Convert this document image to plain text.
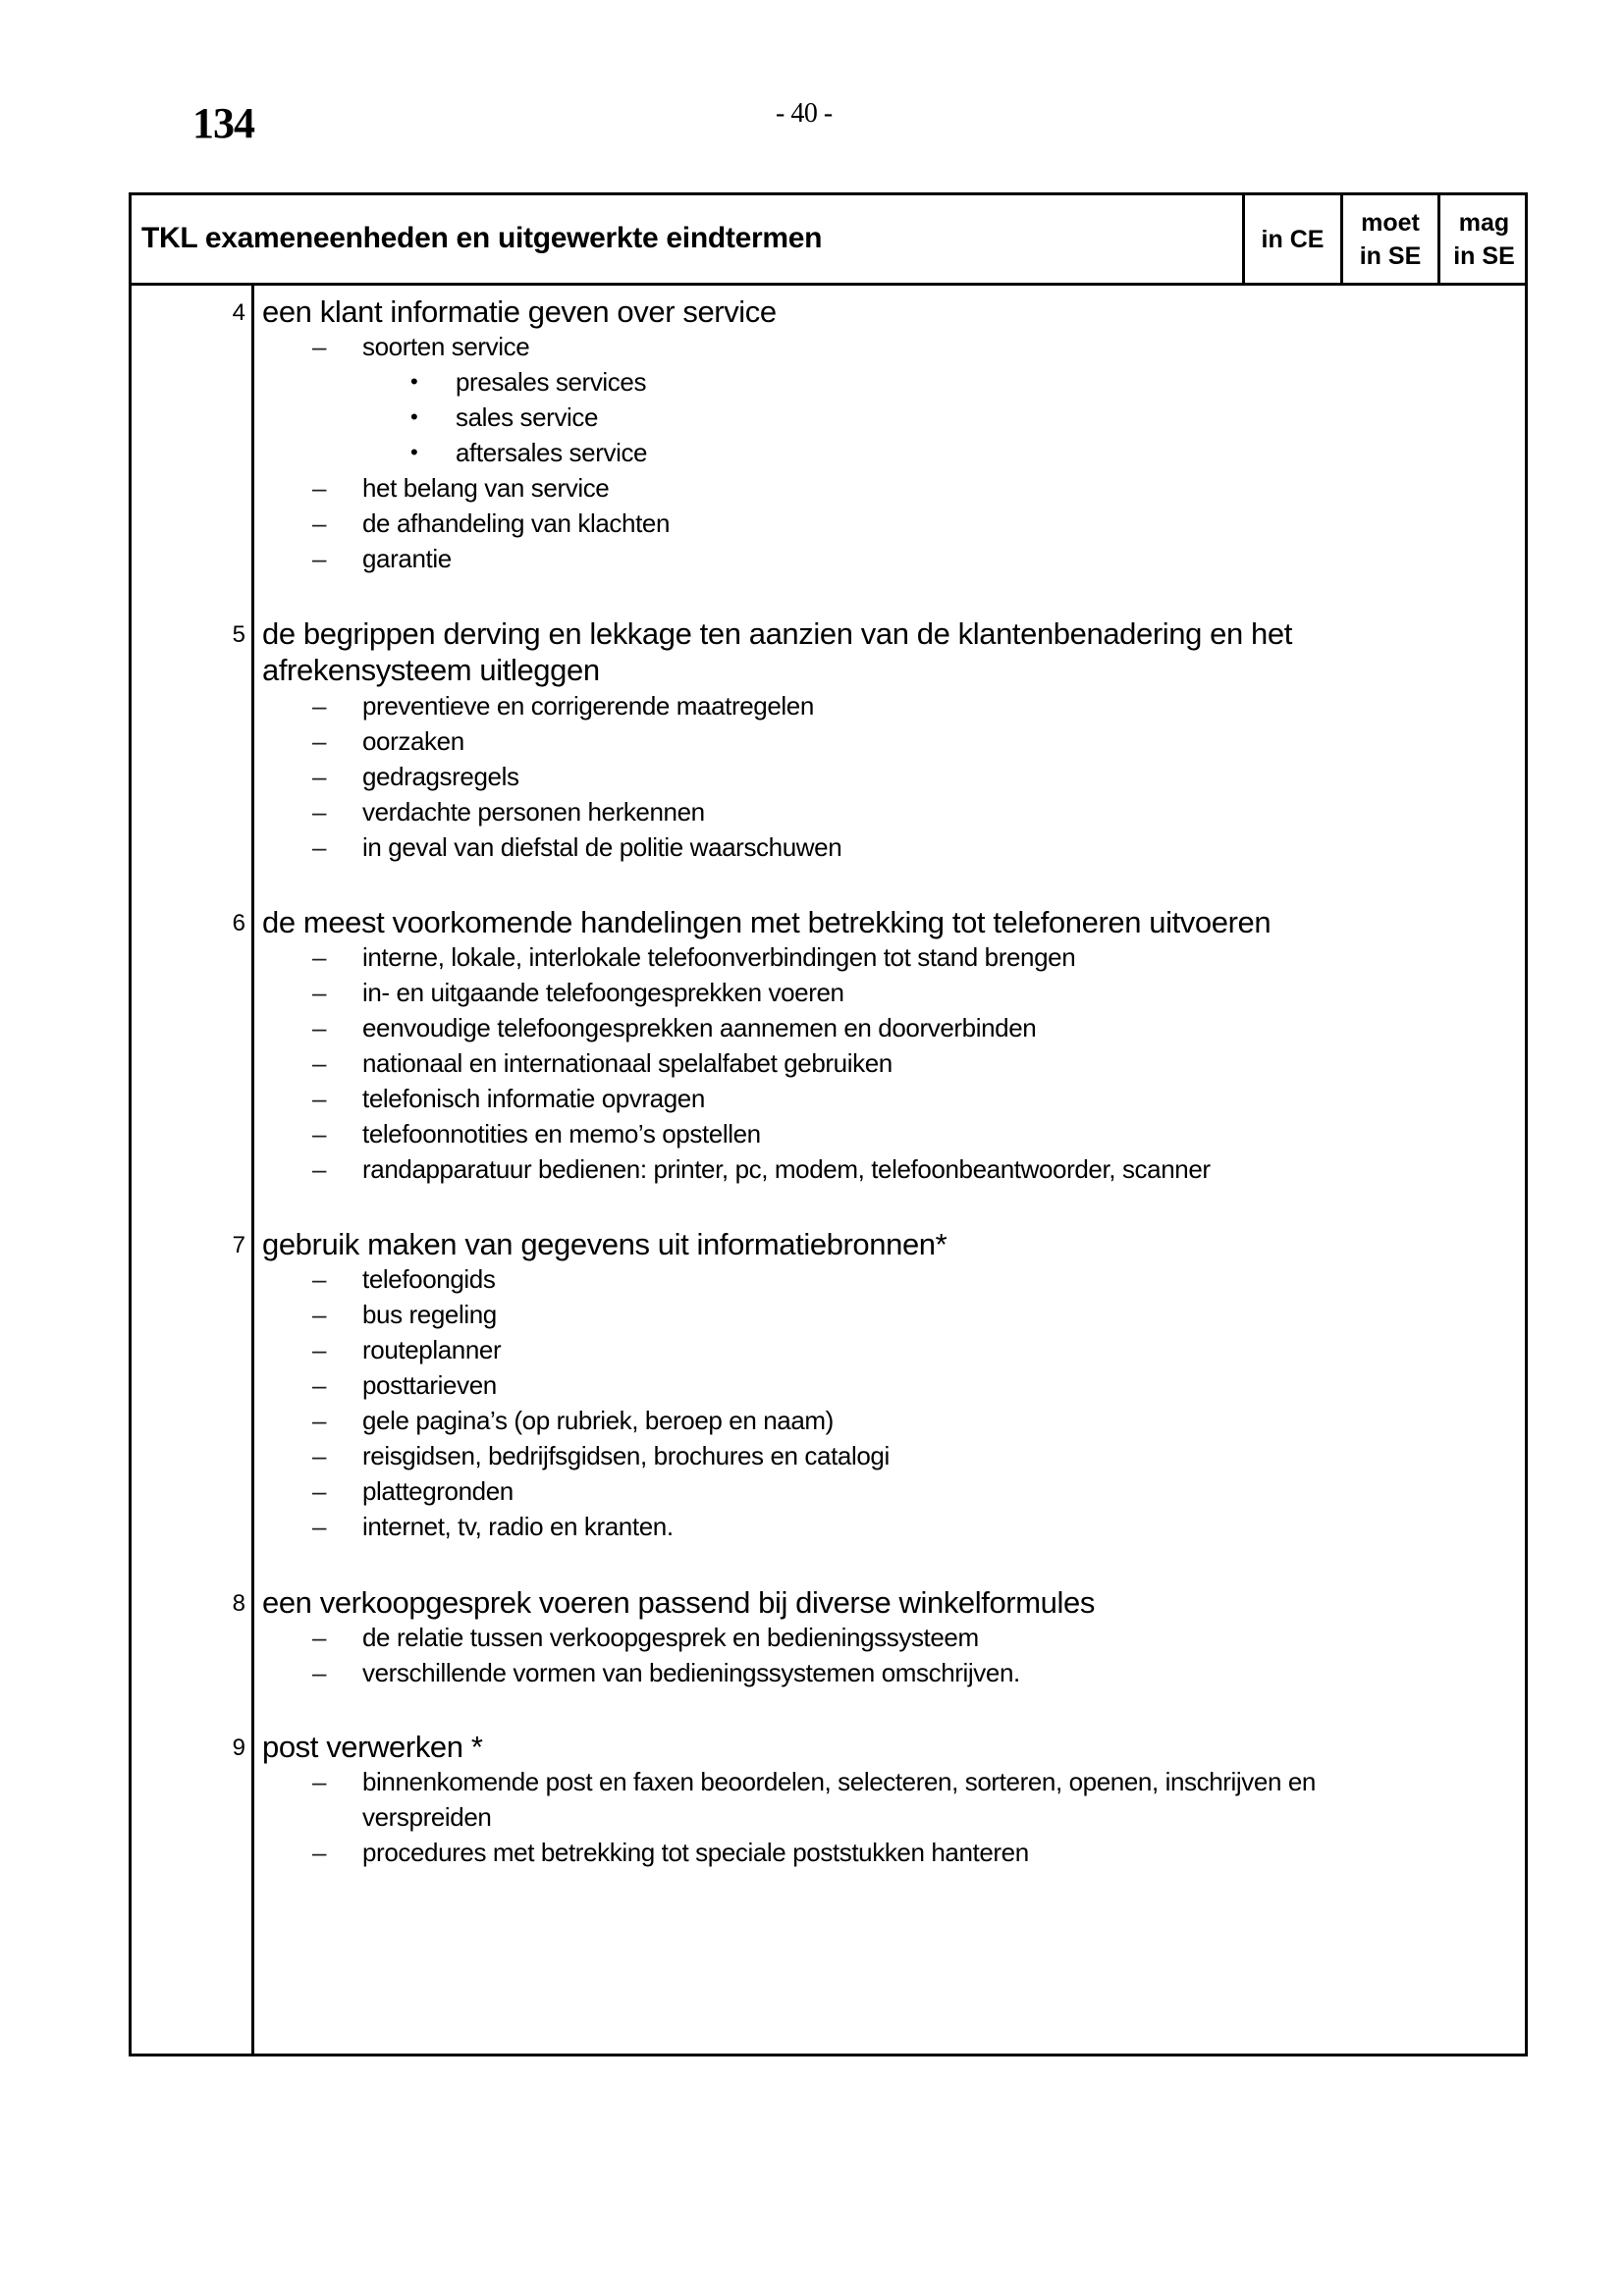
134	- 40 -
TKL exameneenheden en uitgewerkte eindtermen	in CE
moet
in SE
mag
in SE
4 een klant informatie geven over service
– soorten service
• presales services
• sales service
• aftersales service
– het belang van service
– de afhandeling van klachten
– garantie
5 de begrippen derving en lekkage ten aanzien van de klantenbenadering en het
afrekensysteem uitleggen
– preventieve en corrigerende maatregelen
– oorzaken
– gedragsregels
– verdachte personen herkennen
– in geval van diefstal de politie waarschuwen
6 de meest voorkomende handelingen met betrekking tot telefoneren uitvoeren
– interne, lokale, interlokale telefoonverbindingen tot stand brengen
– in- en uitgaande telefoongesprekken voeren
– eenvoudige telefoongesprekken aannemen en doorverbinden
– nationaal en internationaal spelalfabet gebruiken
– telefonisch informatie opvragen
– telefoonnotities en memo’s opstellen
– randapparatuur bedienen: printer, pc, modem, telefoonbeantwoorder, scanner
7 gebruik maken van gegevens uit informatiebronnen*
– telefoongids
– bus regeling
– routeplanner
– posttarieven
– gele pagina’s (op rubriek, beroep en naam)
– reisgidsen, bedrijfsgidsen, brochures en catalogi
– plattegronden
– internet, tv, radio en kranten.
8 een verkoopgesprek voeren passend bij diverse winkelformules
– de relatie tussen verkoopgesprek en bedieningssysteem
– verschillende vormen van bedieningssystemen omschrijven.
9 post verwerken *
– binnenkomende post en faxen beoordelen, selecteren, sorteren, openen, inschrijven en
verspreiden
– procedures met betrekking tot speciale poststukken hanteren
